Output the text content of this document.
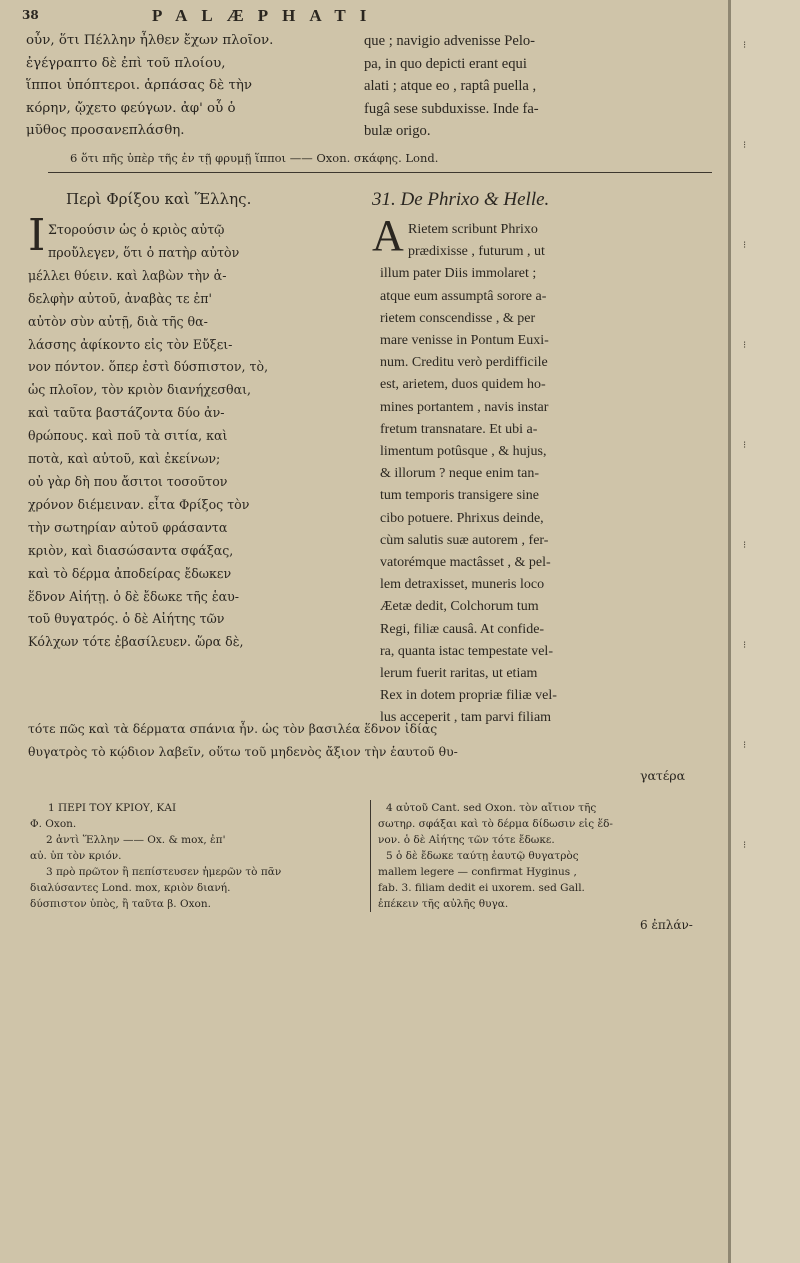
38	PALÆPHATI
οὖν, ὅτι Πέλλην ἦλθεν ἔχων πλοῖον.
ἐγέγραπτο δὲ ἐπὶ τοῦ πλοίου,
ἵπποι ὑπόπτεροι. ἁρπάσας δὲ τὴν
κόρην, ᾤχετο φεύγων. ἀφ' οὗ ὁ
μῦθος προσανεπλάσθη.
que ; navigio advenisse Pelo-
pa, in quo depicti erant equi
alati ; atque eo , raptâ puella ,
fugâ sese subduxisse. Inde fa-
bulæ origo.
6 ὅτι πῆς ὑπὲρ τῆς ἐν τῇ φρυμῇ ἵπποι —— Oxon. σκάφης. Lond.
Περὶ Φρίξου καὶ Ἕλλης.	31. De Phrixo & Helle.
Ι	A
Στορούσιν ὡς ὁ κριὸς αὐτῷ
προὔλεγεν, ὅτι ὁ πατὴρ αὐτὸν
μέλλει θύειν. καὶ λαβὼν τὴν ἀ-
δελφὴν αὐτοῦ, ἀναβὰς τε ἐπ'
αὐτὸν σὺν αὐτῇ, διὰ τῆς θα-
λάσσης ἀφίκοντο εἰς τὸν Εὔξει-
νον πόντον. ὅπερ ἐστὶ δύσπιστον, τὸ,
ὡς πλοῖον, τὸν κριὸν διανήχεσθαι,
καὶ ταῦτα βαστάζοντα δύο ἀν-
θρώπους. καὶ ποῦ τὰ σιτία, καὶ
ποτὰ, καὶ αὐτοῦ, καὶ ἐκείνων;
οὐ γὰρ δὴ που ἄσιτοι τοσοῦτον
χρόνον διέμειναν. εἶτα Φρίξος τὸν
τὴν σωτηρίαν αὐτοῦ φράσαντα
κριὸν, καὶ διασώσαντα σφάξας,
καὶ τὸ δέρμα ἀποδείρας ἔδωκεν
ἕδνον Αἰήτῃ. ὁ δὲ ἔδωκε τῆς ἑαυ-
τοῦ θυγατρός. ὁ δὲ Αἰήτης τῶν
Κόλχων τότε ἐβασίλευεν. ὥρα δὲ,
Rietem scribunt Phrixo
prædixisse , futurum , ut
illum pater Diis immolaret ;
atque eum assumptâ sorore a-
rietem conscendisse , & per
mare venisse in Pontum Euxi-
num. Creditu verò perdifficile
est, arietem, duos quidem ho-
mines portantem , navis instar
fretum transnatare. Et ubi a-
limentum potûsque , & hujus,
& illorum ? neque enim tan-
tum temporis transigere sine
cibo potuere. Phrixus deinde,
cùm salutis suæ autorem , fer-
vatorémque mactâsset , & pel-
lem detraxisset, muneris loco
Æetæ dedit, Colchorum tum
Regi, filiæ causâ. At confide-
ra, quanta istac tempestate vel-
lerum fuerit raritas, ut etiam
Rex in dotem propriæ filiæ vel-
lus acceperit , tam parvi filiam
τότε πῶς καὶ τὰ δέρματα σπάνια ἦν. ὡς τὸν βασιλέα ἕδνον ἰδίας
θυγατρὸς τὸ κῴδιον λαβεῖν, οὕτω τοῦ μηδενὸς ἄξιον τὴν ἑαυτοῦ θυ-
γατέρα
1 ΠΕΡΙ ΤΟΥ ΚΡΙΟΥ, ΚΑΙ
Φ. Oxon.
2 ἀντὶ Ἕλλην —— Ox. & mox, ἐπ'
αὐ. ὑπ τὸν κριόν.
3 πρὸ πρῶτον ἢ πεπίστευσεν ἡμερῶν τὸ πᾶν
διαλύσαντες Lond. mox, κριὸν διανή.
δύσπιστον ὑπὸς, ἢ ταῦτα β. Oxon.
4 αὐτοῦ Cant. sed Oxon. τὸν αἴτιον τῆς
σωτηρ. σφάξαι καὶ τὸ δέρμα δίδωσιν εἰς ἕδ-
νον. ὁ δὲ Αἰήτης τῶν τότε ἔδωκε.
5 ὁ δὲ ἔδωκε ταύτῃ ἑαυτῷ θυγατρὸς
mallem legere — confirmat Hyginus ,
fab. 3. filiam dedit ei uxorem. sed Gall.
ἐπέκειν τῆς αὐλῆς θυγα.
6 ἐπλάν-
⁝
⁝
⁝
⁝
⁝
⁝
⁝
⁝
⁝
